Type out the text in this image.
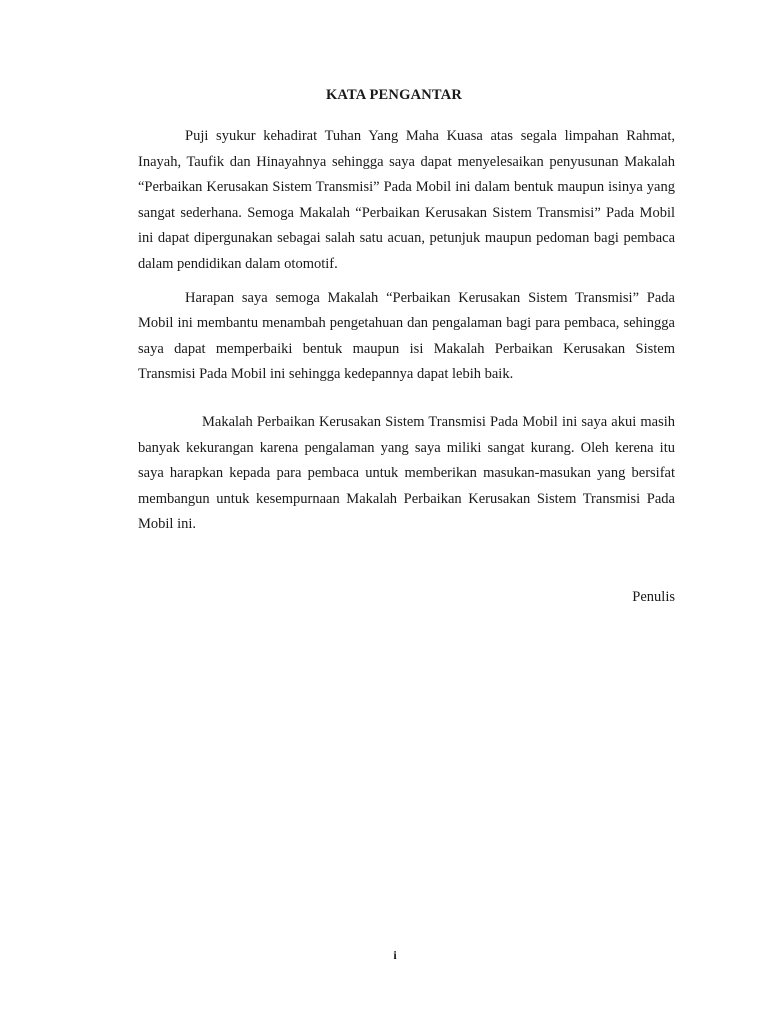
KATA PENGANTAR

Puji syukur kehadirat Tuhan Yang Maha Kuasa atas segala limpahan Rahmat, Inayah, Taufik dan Hinayahnya sehingga saya dapat menyelesaikan penyusunan Makalah “Perbaikan Kerusakan Sistem Transmisi” Pada Mobil ini dalam bentuk maupun isinya yang sangat sederhana. Semoga Makalah “Perbaikan Kerusakan Sistem Transmisi” Pada Mobil ini dapat dipergunakan sebagai salah satu acuan, petunjuk maupun pedoman bagi pembaca dalam pendidikan dalam otomotif.

Harapan saya semoga Makalah “Perbaikan Kerusakan Sistem Transmisi” Pada Mobil ini membantu menambah pengetahuan dan pengalaman bagi para pembaca, sehingga saya dapat memperbaiki bentuk maupun isi Makalah Perbaikan Kerusakan Sistem Transmisi Pada Mobil ini sehingga kedepannya dapat lebih baik.

Makalah Perbaikan Kerusakan Sistem Transmisi Pada Mobil ini saya akui masih banyak kekurangan karena pengalaman yang saya miliki sangat kurang. Oleh kerena itu saya harapkan kepada para pembaca untuk memberikan masukan-masukan yang bersifat membangun untuk kesempurnaan Makalah Perbaikan Kerusakan Sistem Transmisi Pada Mobil ini.

Penulis
i
